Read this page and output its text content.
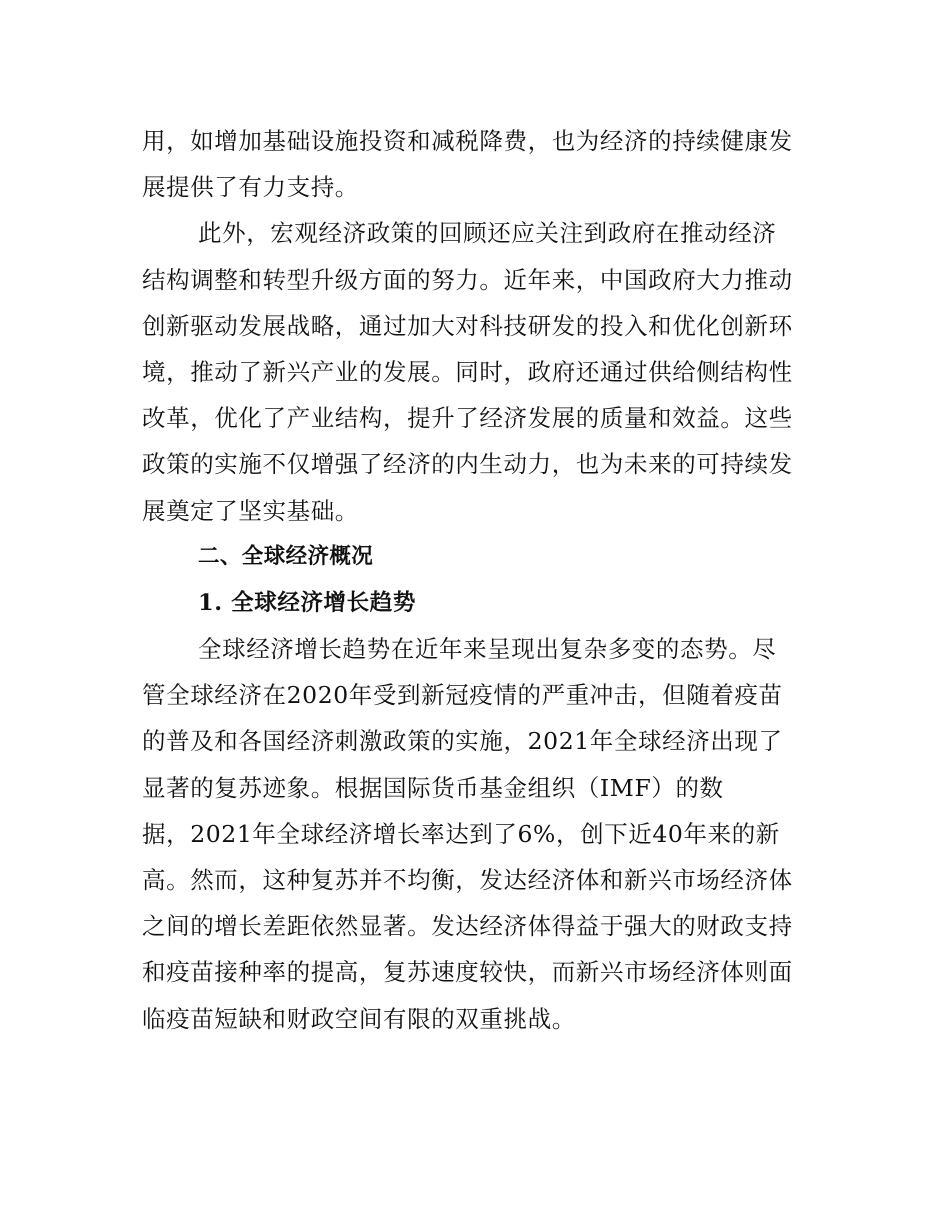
用，如增加基础设施投资和减税降费，也为经济的持续健康发
展提供了有力支持。
此外，宏观经济政策的回顾还应关注到政府在推动经济
结构调整和转型升级方面的努力。近年来，中国政府大力推动
创新驱动发展战略，通过加大对科技研发的投入和优化创新环
境，推动了新兴产业的发展。同时，政府还通过供给侧结构性
改革，优化了产业结构，提升了经济发展的质量和效益。这些
政策的实施不仅增强了经济的内生动力，也为未来的可持续发
展奠定了坚实基础。
二、全球经济概况
1. 全球经济增长趋势
全球经济增长趋势在近年来呈现出复杂多变的态势。尽
管全球经济在2020年受到新冠疫情的严重冲击，但随着疫苗
的普及和各国经济刺激政策的实施，2021年全球经济出现了
显著的复苏迹象。根据国际货币基金组织（IMF）的数
据，2021年全球经济增长率达到了6%，创下近40年来的新
高。然而，这种复苏并不均衡，发达经济体和新兴市场经济体
之间的增长差距依然显著。发达经济体得益于强大的财政支持
和疫苗接种率的提高，复苏速度较快，而新兴市场经济体则面
临疫苗短缺和财政空间有限的双重挑战。
